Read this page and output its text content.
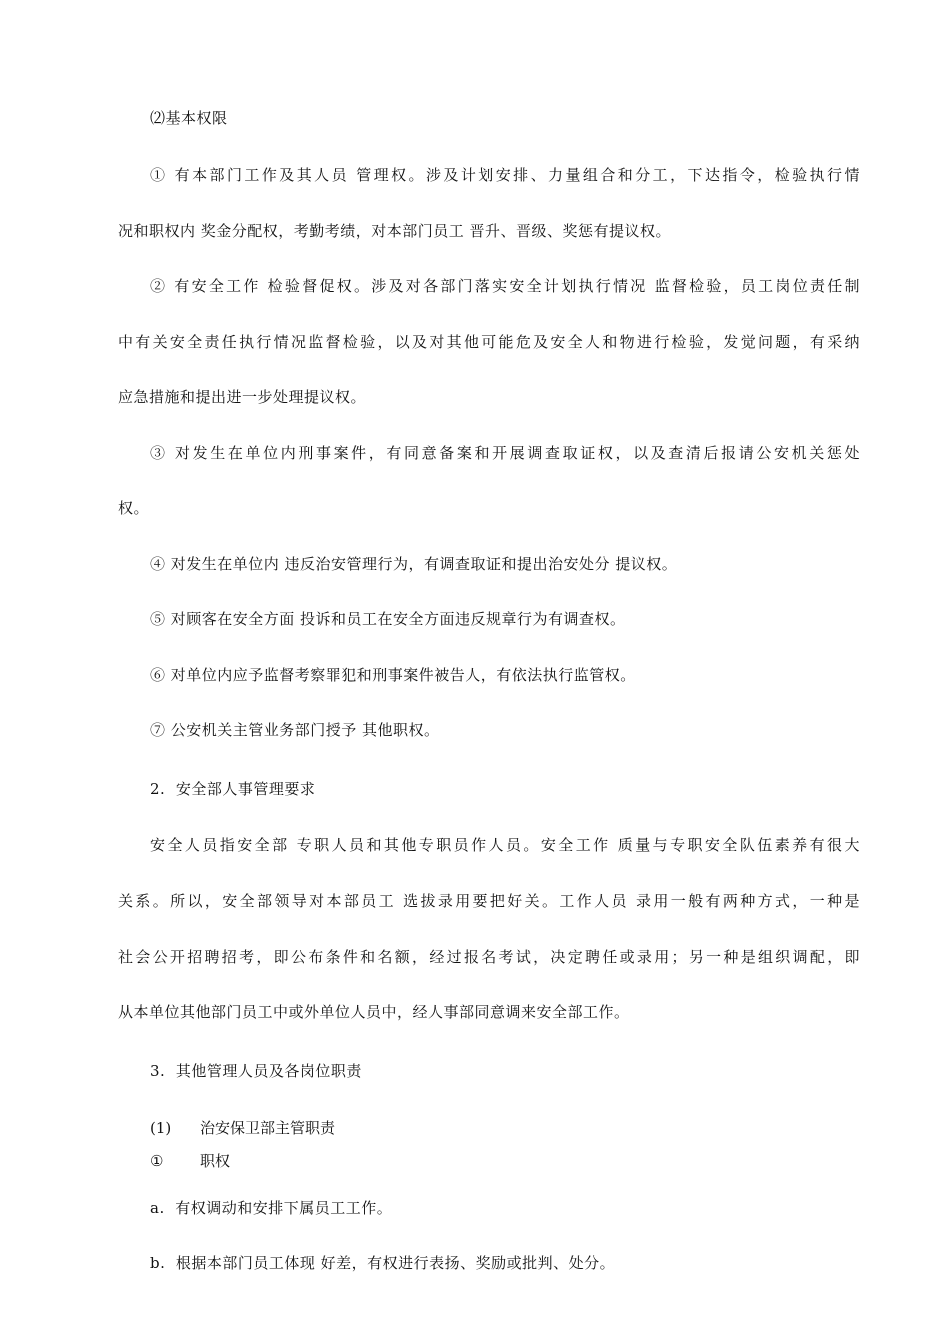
⑵基本权限
① 有本部门工作及其人员 管理权。涉及计划安排、力量组合和分工，下达指令，检验执行情
况和职权内 奖金分配权，考勤考绩，对本部门员工 晋升、晋级、奖惩有提议权。
② 有安全工作 检验督促权。涉及对各部门落实安全计划执行情况 监督检验，员工岗位责任制
中有关安全责任执行情况监督检验，以及对其他可能危及安全人和物进行检验，发觉问题，有采纳
应急措施和提出进一步处理提议权。
③ 对发生在单位内刑事案件，有同意备案和开展调查取证权，以及查清后报请公安机关惩处
权。
④ 对发生在单位内 违反治安管理行为，有调查取证和提出治安处分 提议权。
⑤ 对顾客在安全方面 投诉和员工在安全方面违反规章行为有调查权。
⑥ 对单位内应予监督考察罪犯和刑事案件被告人，有依法执行监管权。
⑦ 公安机关主管业务部门授予 其他职权。
2.  安全部人事管理要求
安全人员指安全部 专职人员和其他专职员作人员。安全工作 质量与专职安全队伍素养有很大
关系。所以，安全部领导对本部员工 选拔录用要把好关。工作人员 录用一般有两种方式，一种是
社会公开招聘招考，即公布条件和名额，经过报名考试，决定聘任或录用；另一种是组织调配，即
从本单位其他部门员工中或外单位人员中，经人事部同意调来安全部工作。
3.  其他管理人员及各岗位职责
(1) 治安保卫部主管职责
① 职权
a.  有权调动和安排下属员工工作。
b.  根据本部门员工体现 好差，有权进行表扬、奖励或批判、处分。
